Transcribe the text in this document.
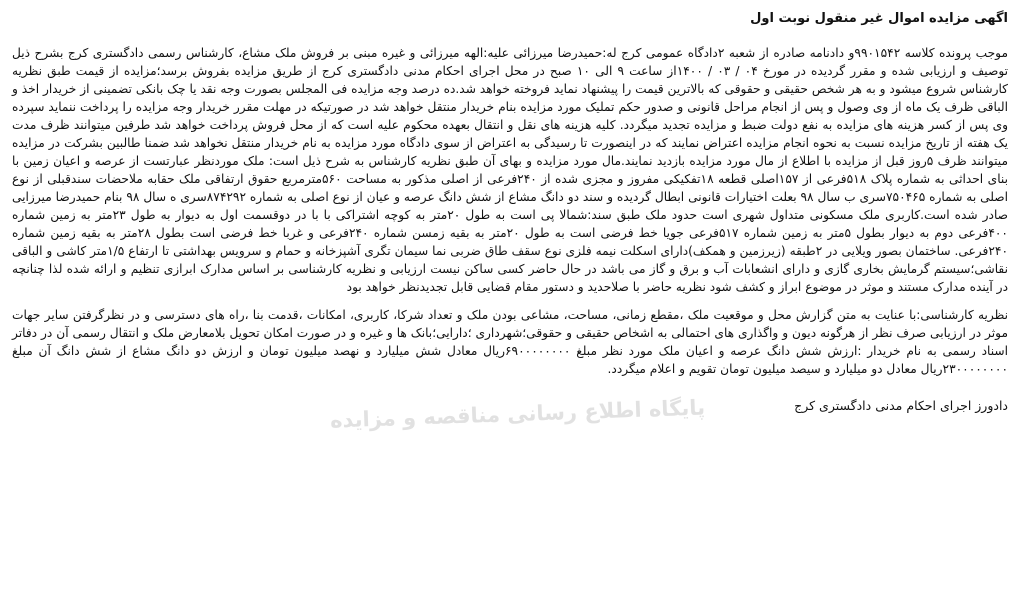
اگهی مزایده اموال غیر منقول نوبت اول

موجب پرونده کلاسه ۹۹۰۱۵۴۲و دادنامه صادره از شعبه ۲دادگاه عمومی کرج له:حمیدرضا میرزائی علیه:الهه میرزائی و غیره مبنی بر فروش ملک مشاع، کارشناس رسمی دادگستری کرج بشرح ذیل توصیف و ارزیابی شده و مقرر گردیده در مورخ ۰۴ / ۰۳ / ۱۴۰۰از ساعت ۹ الی ۱۰ صبح در محل اجرای احکام مدنی دادگستری کرج از طریق مزایده بفروش برسد؛مزایده از قیمت طبق نظریه کارشناس شروع میشود و به هر شخص حقیقی و حقوقی که بالاترین قیمت را پیشنهاد نماید فروخته خواهد شد.ده درصد وجه مزایده فی المجلس بصورت وجه نقد یا چک بانکی تضمینی از خریدار اخذ و الباقی ظرف یک ماه از وی وصول و پس از انجام مراحل قانونی و صدور حکم تملیک مورد مزایده بنام خریدار منتقل خواهد شد در صورتیکه در مهلت مقرر خریدار وجه مزایده را پرداخت ننماید سپرده وی پس از کسر هزینه های مزایده به نفع دولت ضبط و مزایده تجدید میگردد. کلیه هزینه های نقل و انتقال بعهده محکوم علیه است که از محل فروش پرداخت خواهد شد طرفین میتوانند ظرف مدت یک هفته از تاریخ مزایده نسبت به نحوه انجام مزایده اعتراض نمایند که در اینصورت تا رسیدگی به اعتراض از سوی دادگاه مورد مزایده به نام خریدار منتقل نخواهد شد ضمنا طالبین بشرکت در مزایده میتوانند ظرف ۵روز قبل از مزایده با اطلاع از مال مورد مزایده بازدید نمایند.مال مورد مزایده و بهای آن طبق نظریه کارشناس به شرح ذیل است: ملک موردنظر عبارتست از عرصه و اعیان زمین با بنای احداثی به شماره پلاک ۵۱۸فرعی از ۱۵۷اصلی قطعه ۱۸تفکیکی مفروز و مجزی شده از ۲۴۰فرعی از اصلی مذکور به مساحت ۵۶۰مترمربع حقوق ارتفاقی ملک حقابه ملاحضات سندقبلی از نوع اصلی به شماره ۷۵۰۴۶۵سری ب سال ۹۸ بعلت اختیارات قانونی ابطال گردیده و سند دو دانگ مشاع از شش دانگ عرصه و عیان از نوع اصلی به شماره ۸۷۴۲۹۲سری ه سال ۹۸ بنام حمیدرضا میرزایی صادر شده است.کاربری ملک مسکونی متداول شهری است حدود ملک طبق سند:شمالا پی است به طول ۲۰متر به کوچه اشتراکی با با در دوقسمت اول به دیوار به طول ۲۳متر به زمین شماره ۴۰۰فرعی دوم به دیوار بطول ۵متر به زمین شماره ۵۱۷فرعی جویا خط فرضی است به طول ۲۰متر به بقیه زمسن شماره ۲۴۰فرعی و غربا خط فرضی است بطول ۲۸متر به بقیه زمین شماره ۲۴۰فرعی. ساختمان بصور ویلایی در ۲طبقه (زیرزمین و همکف)دارای اسکلت نیمه فلزی نوع سقف طاق ضربی نما سیمان تگری آشپزخانه و حمام و سرویس بهداشتی تا ارتفاع ۱/۵متر کاشی و الباقی نقاشی؛سیستم گرمایش بخاری گازی و دارای انشعابات آب و برق و گاز می باشد در حال حاضر کسی ساکن نیست ارزیابی و نظریه کارشناسی بر اساس مدارک ابرازی تنظیم و ارائه شده لذا چنانچه در آینده مدارک مستند و موثر در موضوع ابراز و کشف شود نظریه حاضر با صلاحدید و دستور مقام قضایی قابل تجدیدنظر خواهد بود

نظریه کارشناسی:با عنایت به متن گزارش محل و موقعیت ملک ،مقطع زمانی، مساحت، مشاعی بودن ملک و تعداد شرکا، کاربری، امکانات ،قدمت بنا ،راه های دسترسی و در نظرگرفتن سایر جهات موثر در ارزیابی صرف نظر از هرگونه دیون و واگذاری های احتمالی به اشخاص حقیقی و حقوقی؛شهرداری ؛دارایی؛بانک ها و غیره و در صورت امکان تحویل بلامعارض ملک و انتقال رسمی آن در دفاتر اسناد رسمی به نام خریدار :ارزش شش دانگ عرصه و اعیان ملک مورد نظر مبلغ ۶۹۰۰۰۰۰۰۰۰ریال معادل شش میلیارد و نهصد میلیون تومان و ارزش دو دانگ مشاع از شش دانگ آن مبلغ ۲۳۰۰۰۰۰۰۰۰ریال معادل دو میلیارد و سیصد میلیون تومان تقویم و اعلام میگردد.

دادورز اجرای احکام مدنی دادگستری کرج
پایگاه اطلاع رسانی مناقصه و مزایده
